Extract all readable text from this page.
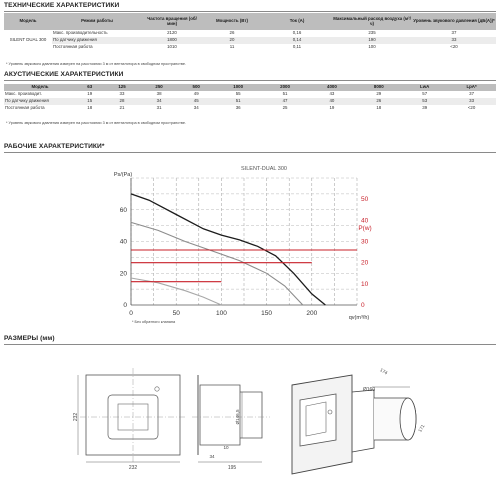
ТЕХНИЧЕСКИЕ ХАРАКТЕРИСТИКИ
Модель	Режим работы	Частота вращения (об/мин)	Мощность (Вт)	Ток (A)	Максимальный расход воздуха (м³/ч)	Уровень звукового давления (дБ(А))*
SILENT DUAL 300	Макс. производительность	2120	26	0,16	235	37
	По датчику движения	1800	20	0,14	190	33
	Постоянная работа	1010	11	0,11	100	<20
* Уровень звукового давления измерен на расстоянии 3 м от вентилятора в свободном пространстве.
АКУСТИЧЕСКИЕ ХАРАКТЕРИСТИКИ
Модель	63	125	250	500	1000	2000	4000	8000	LwA	LpA*
Макс. производит.	19	33	38	49	55	51	43	29	57	37
По датчику движения	15	28	34	45	51	47	40	26	53	33
Постоянная работа	18	21	31	34	36	25	19	18	39	<20
* Уровень звукового давления измерен на расстоянии 3 м от вентилятора в свободном пространстве.
РАБОЧИЕ ХАРАКТЕРИСТИКИ*
0	50	100	150	200
0
20
40
60
0
10
20
30
40
50
SILENT-DUAL 300
Ps/(Pa)
P(w)
qv(m³/h)
* Без обратного клапана
РАЗМЕРЫ (мм)
232
232
Ø146,5
195
34
10
Ø160
174
171
